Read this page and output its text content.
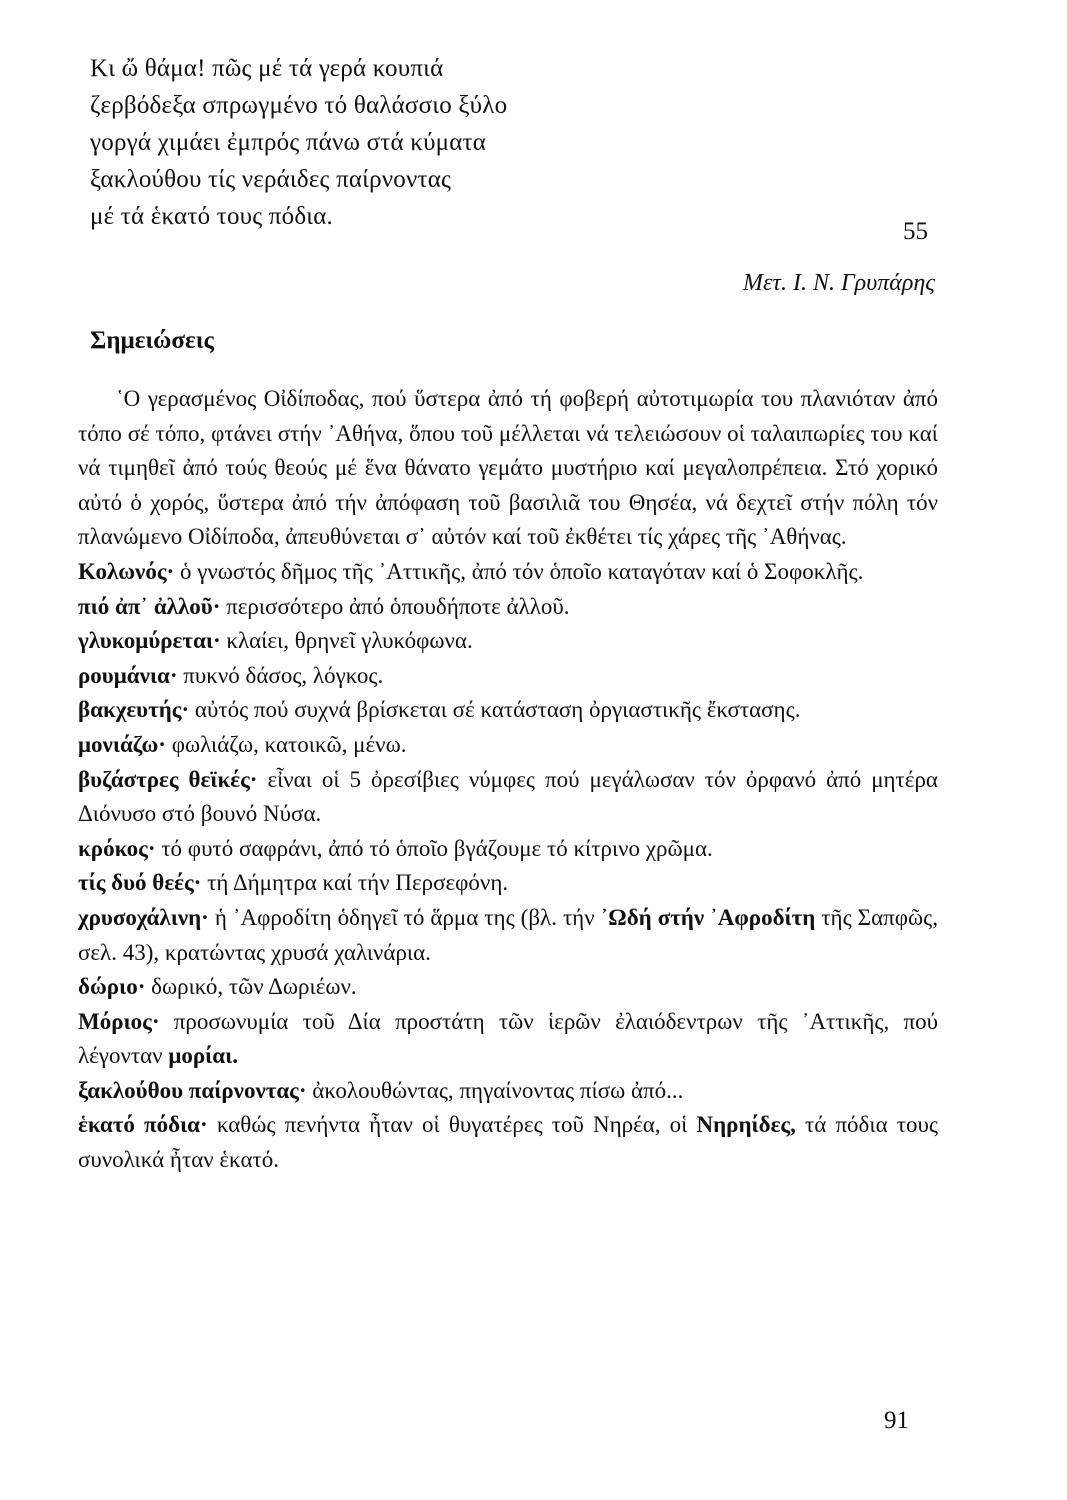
Κι ὤ θάμα! πῶς μέ τά γερά κουπιά
ζερβόδεξα σπρωγμένο τό θαλάσσιο ξύλο
γοργά χιμάει ἐμπρός πάνω στά κύματα
ξακλούθου τίς νεράιδες παίρνοντας
μέ τά ἑκατό τους πόδια.
55
Μετ. Ι. Ν. Γρυπάρης
Σημειώσεις

῾Ο γερασμένος Οἰδίποδας, πού ὕστερα ἀπό τή φοβερή αὐτοτιμωρία του πλανιόταν ἀπό τόπο σέ τόπο, φτάνει στήν ᾿Αθήνα, ὅπου τοῦ μέλλεται νά τελειώσουν οἱ ταλαιπωρίες του καί νά τιμηθεῖ ἀπό τούς θεούς μέ ἕνα θάνατο γεμάτο μυστήριο καί μεγαλοπρέπεια. Στό χορικό αὐτό ὁ χορός, ὕστερα ἀπό τήν ἀπόφαση τοῦ βασιλιᾶ του Θησέα, νά δεχτεῖ στήν πόλη τόν πλανώμενο Οἰδίποδα, ἀπευθύνεται σ᾿ αὐτόν καί τοῦ ἐκθέτει τίς χάρες τῆς ᾿Αθήνας.

Κολωνός· ὁ γνωστός δῆμος τῆς ᾿Αττικῆς, ἀπό τόν ὁποῖο καταγόταν καί ὁ Σοφοκλῆς.

πιό ἀπ᾿ ἀλλοῦ· περισσότερο ἀπό ὁπουδήποτε ἀλλοῦ.

γλυκομύρεται· κλαίει, θρηνεῖ γλυκόφωνα.

ρουμάνια· πυκνό δάσος, λόγκος.

βακχευτής· αὐτός πού συχνά βρίσκεται σέ κατάσταση ὀργιαστικῆς ἔκστασης.

μονιάζω· φωλιάζω, κατοικῶ, μένω.

βυζάστρες θεϊκές· εἶναι οἱ 5 ὀρεσίβιες νύμφες πού μεγάλωσαν τόν ὀρφανό ἀπό μητέρα Διόνυσο στό βουνό Νύσα.

κρόκος· τό φυτό σαφράνι, ἀπό τό ὁποῖο βγάζουμε τό κίτρινο χρῶμα.

τίς δυό θεές· τή Δήμητρα καί τήν Περσεφόνη.

χρυσοχάλινη· ἡ ᾿Αφροδίτη ὁδηγεῖ τό ἅρμα της (βλ. τήν ᾿Ωδή στήν ᾿Αφροδίτη τῆς Σαπφῶς, σελ. 43), κρατώντας χρυσά χαλινάρια.

δώριο· δωρικό, τῶν Δωριέων.

Μόριος· προσωνυμία τοῦ Δία προστάτη τῶν ἱερῶν ἐλαιόδεντρων τῆς ᾿Αττικῆς, πού λέγονταν μορίαι.

ξακλούθου παίρνοντας· ἀκολουθώντας, πηγαίνοντας πίσω ἀπό...

ἑκατό πόδια· καθώς πενήντα ἦταν οἱ θυγατέρες τοῦ Νηρέα, οἱ Νηρηίδες, τά πόδια τους συνολικά ἦταν ἑκατό.

91
